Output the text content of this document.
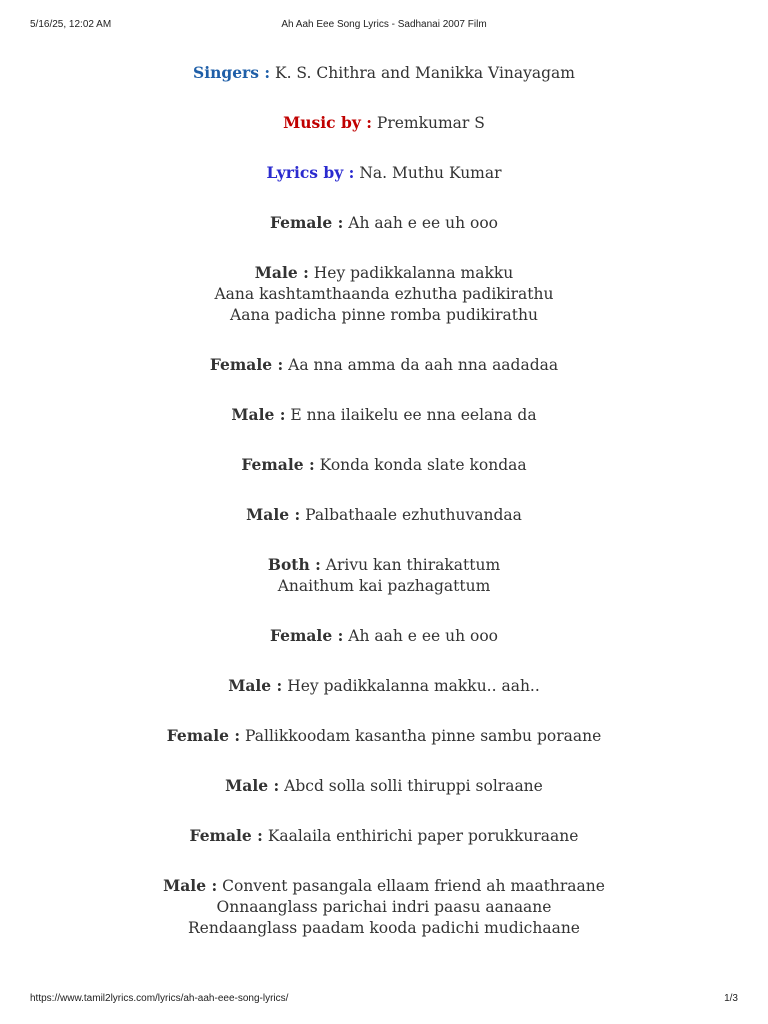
5/16/25, 12:02 AM	Ah Aah Eee Song Lyrics - Sadhanai 2007 Film

Singers : K. S. Chithra and Manikka Vinayagam

Music by : Premkumar S

Lyrics by : Na. Muthu Kumar

Female : Ah aah e ee uh ooo

Male : Hey padikkalanna makku
Aana kashtamthaanda ezhutha padikirathu
Aana padicha pinne romba pudikirathu

Female : Aa nna amma da aah nna aadadaa

Male : E nna ilaikelu ee nna eelana da

Female : Konda konda slate kondaa

Male : Palbathaale ezhuthuvandaa

Both : Arivu kan thirakattum
Anaithum kai pazhagattum

Female : Ah aah e ee uh ooo

Male : Hey padikkalanna makku.. aah..

Female : Pallikkoodam kasantha pinne sambu poraane

Male : Abcd solla solli thiruppi solraane

Female : Kaalaila enthirichi paper porukkuraane

Male : Convent pasangala ellaam friend ah maathraane
Onnaanglass parichai indri paasu aanaane
Rendaanglass paadam kooda padichi mudichaane

https://www.tamil2lyrics.com/lyrics/ah-aah-eee-song-lyrics/	1/3
